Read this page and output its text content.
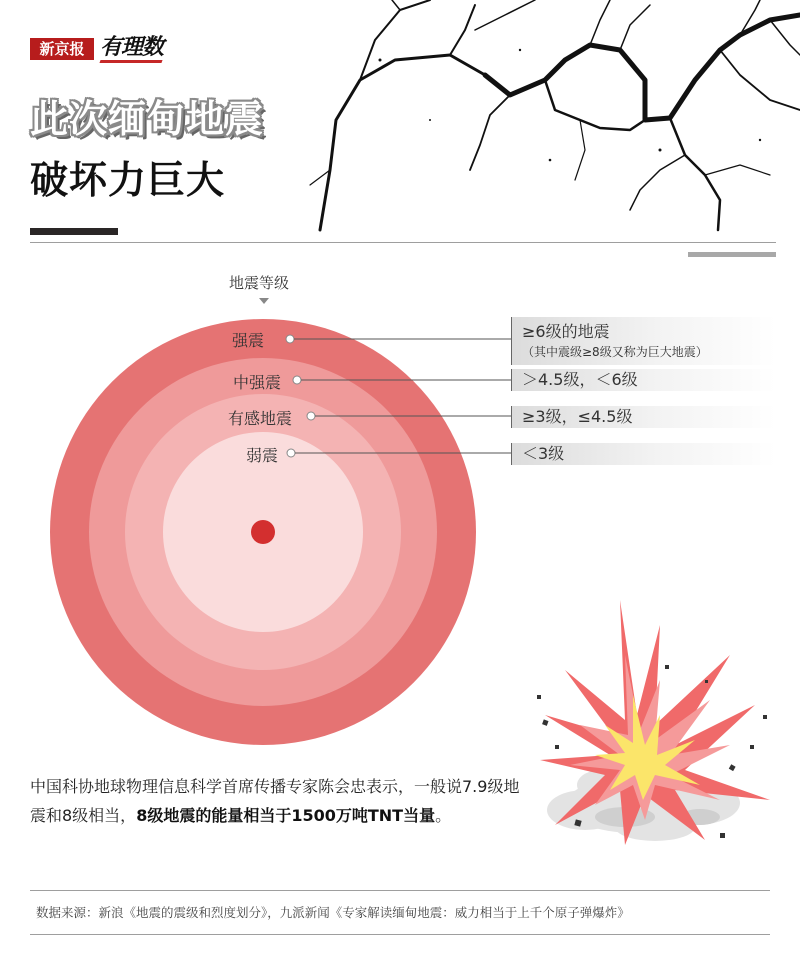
新京报 有理数
此次缅甸地震
破坏力巨大
地震等级
强震
中强震
有感地震
弱震
≥6级的地震
（其中震级≥8级又称为巨大地震）
＞4.5级，＜6级
≥3级，≤4.5级
＜3级
中国科协地球物理信息科学首席传播专家陈会忠表示，一般说7.9级地震和8级相当，8级地震的能量相当于1500万吨TNT当量。
数据来源：新浪《地震的震级和烈度划分》，九派新闻《专家解读缅甸地震：威力相当于上千个原子弹爆炸》
